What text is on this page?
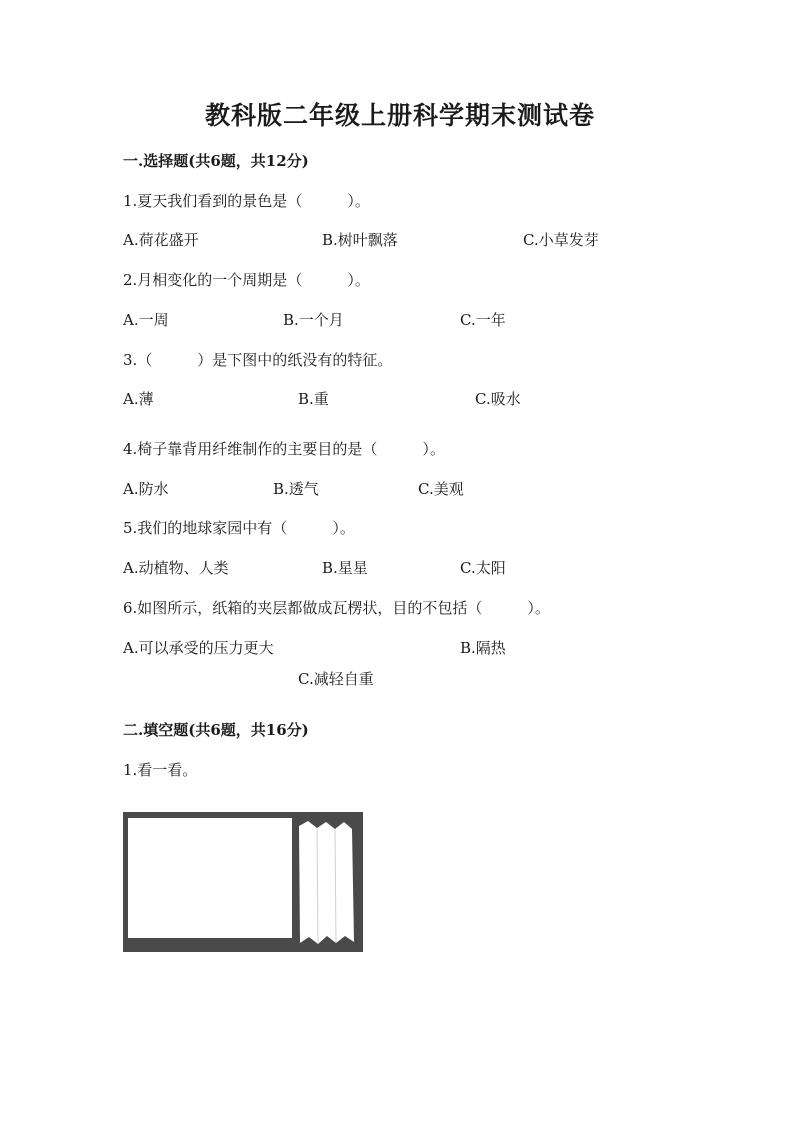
教科版二年级上册科学期末测试卷
一.选择题(共6题，共12分)
1.夏天我们看到的景色是（　　　）。
A.荷花盛开	B.树叶飘落	C.小草发芽
2.月相变化的一个周期是（　　　）。
A.一周	B.一个月	C.一年
3.（　　　）是下图中的纸没有的特征。
A.薄	B.重	C.吸水
4.椅子靠背用纤维制作的主要目的是（　　　）。
A.防水	B.透气	C.美观
5.我们的地球家园中有（　　　）。
A.动植物、人类	B.星星	C.太阳
6.如图所示，纸箱的夹层都做成瓦楞状，目的不包括（　　　）。
A.可以承受的压力更大	B.隔热
C.减轻自重
二.填空题(共6题，共16分)
1.看一看。
